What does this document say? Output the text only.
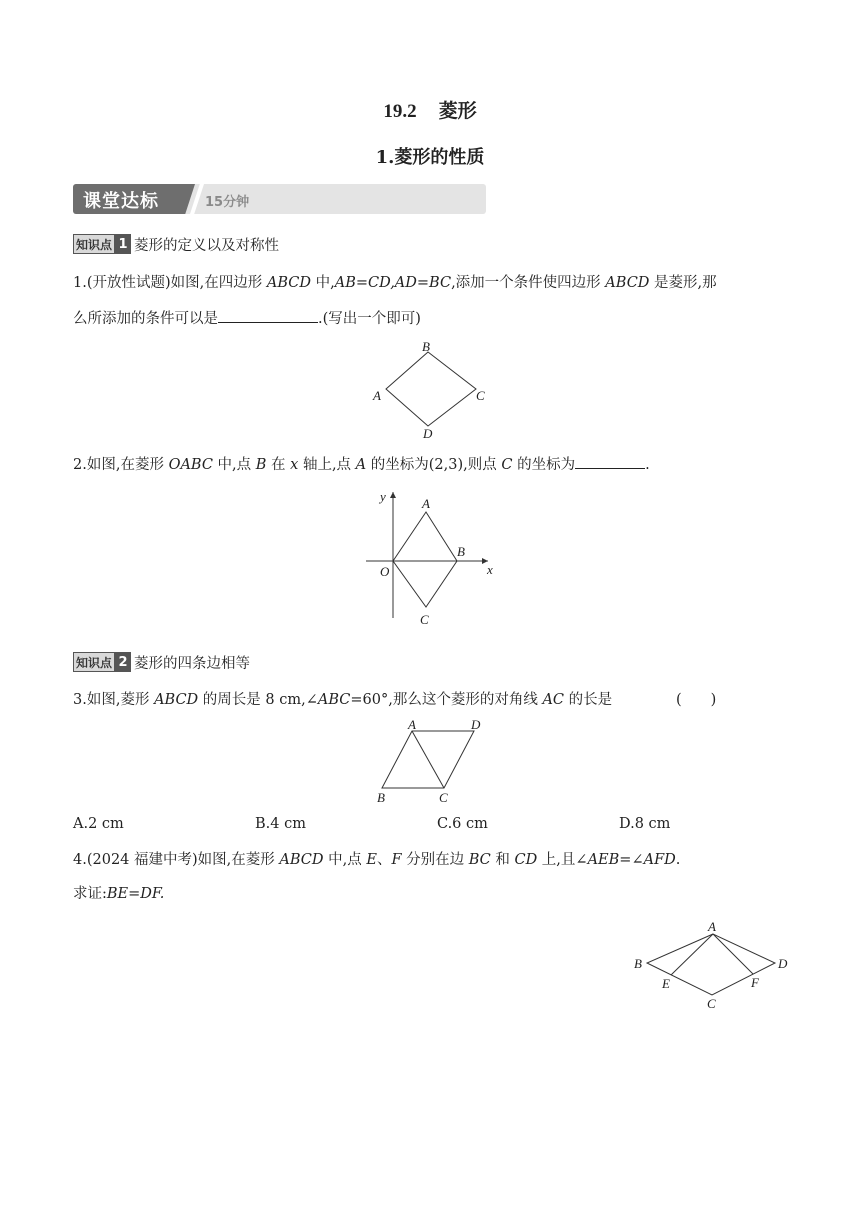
19.2 菱形
1.菱形的性质
课堂达标	15分钟
知识点 1 菱形的定义以及对称性
1.(开放性试题)如图,在四边形 ABCD 中,AB=CD,AD=BC,添加一个条件使四边形 ABCD 是菱形,那
么所添加的条件可以是	.(写出一个即可)
B
A	C
D
2.如图,在菱形 OABC 中,点 B 在 x 轴上,点 A 的坐标为(2,3),则点 C 的坐标为	.
y
x
O
A
B
C
知识点 2 菱形的四条边相等
3.如图,菱形 ABCD 的周长是 8 cm,∠ABC=60°,那么这个菱形的对角线 AC 的长是	(　　)
A	D
B	C
A.2 cm	B.4 cm	C.6 cm	D.8 cm
4.(2024 福建中考)如图,在菱形 ABCD 中,点 E、F 分别在边 BC 和 CD 上,且∠AEB=∠AFD.
求证:BE=DF.
A
B	D
E	F
C
